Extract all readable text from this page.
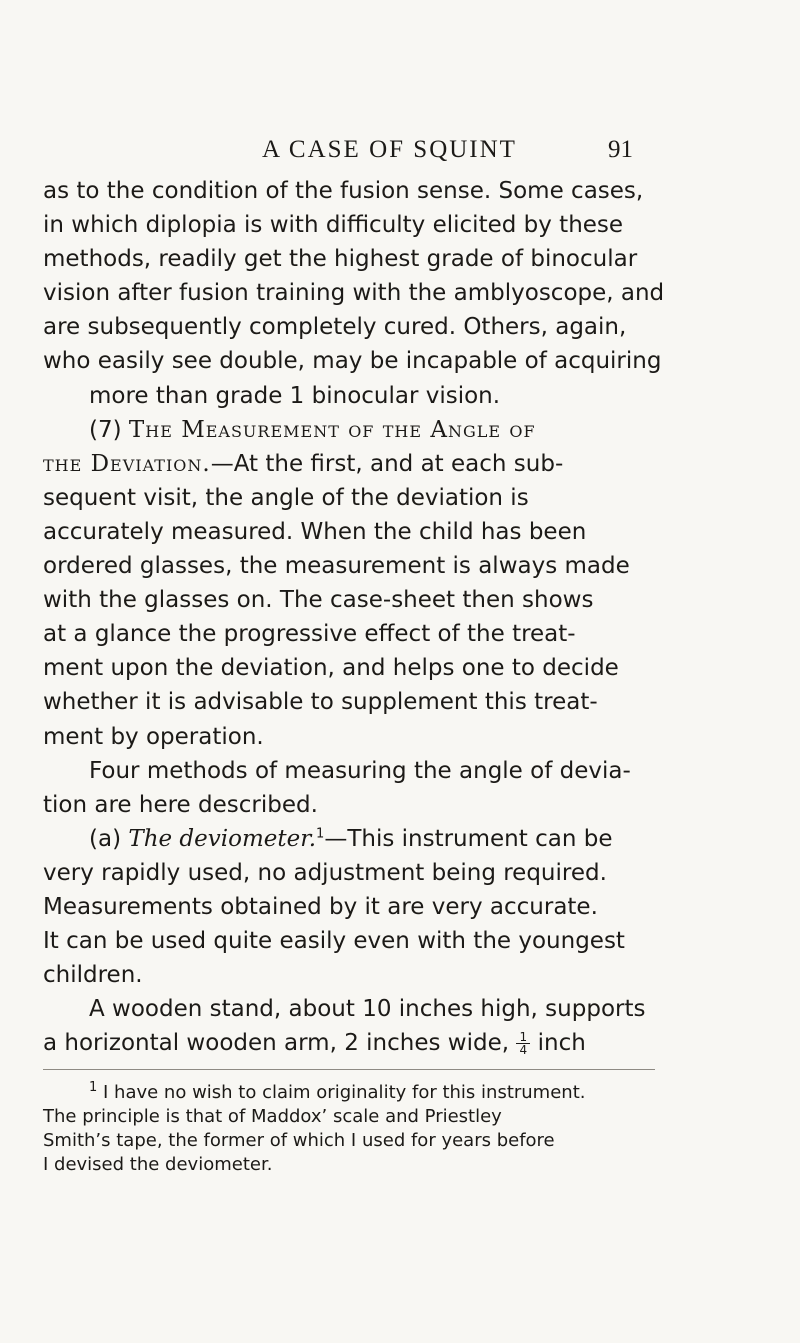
A CASE OF SQUINT	91
as to the condition of the fusion sense. Some cases,
in which diplopia is with difficulty elicited by these
methods, readily get the highest grade of binocular
vision after fusion training with the amblyoscope, and
are subsequently completely cured. Others, again,
who easily see double, may be incapable of acquiring
more than grade 1 binocular vision.
(7) The Measurement of the Angle of
the Deviation.—At the first, and at each sub-
sequent visit, the angle of the deviation is
accurately measured. When the child has been
ordered glasses, the measurement is always made
with the glasses on. The case-sheet then shows
at a glance the progressive effect of the treat-
ment upon the deviation, and helps one to decide
whether it is advisable to supplement this treat-
ment by operation.
Four methods of measuring the angle of devia-
tion are here described.
(a) The deviometer.$^1$—This instrument can be
very rapidly used, no adjustment being required.
Measurements obtained by it are very accurate.
It can be used quite easily even with the youngest
children.
A wooden stand, about 10 inches high, supports
a horizontal wooden arm, 2 inches wide, $\frac{1}{4}$ inch
$^1$ I have no wish to claim originality for this instrument.
The principle is that of Maddox’ scale and Priestley
Smith’s tape, the former of which I used for years before
I devised the deviometer.
